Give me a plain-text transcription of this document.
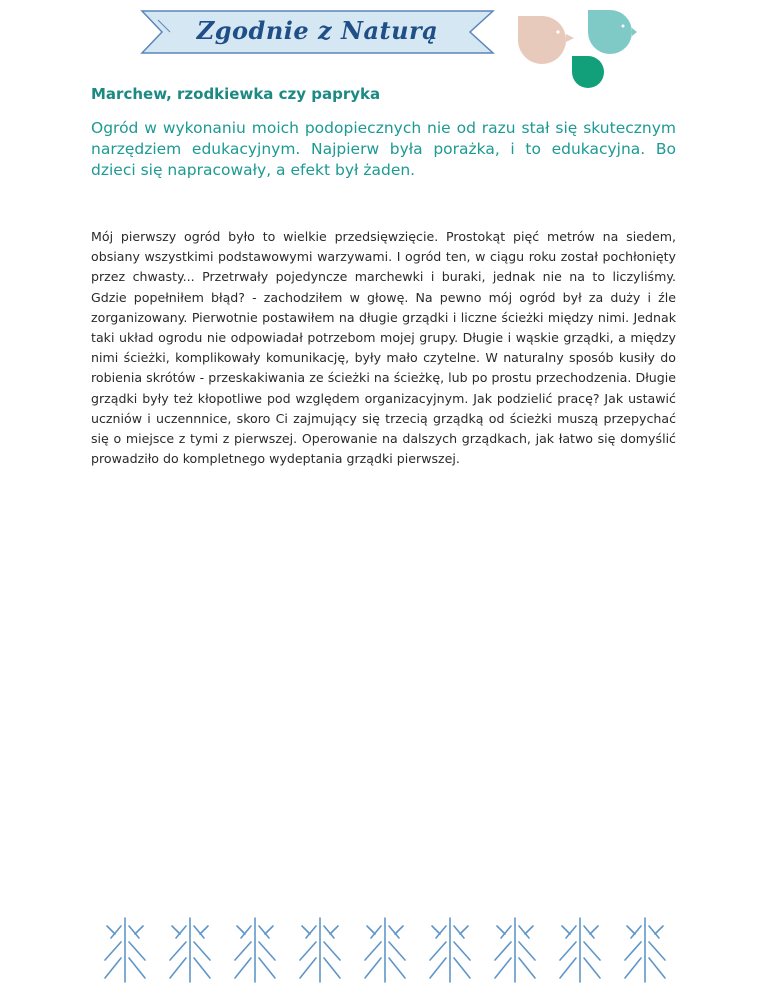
Zgodnie z Naturą
Marchew, rzodkiewka czy papryka

Ogród w wykonaniu moich podopiecznych nie od razu stał się skutecznym narzędziem edukacyjnym. Najpierw była porażka, i to edukacyjna. Bo dzieci się napracowały, a efekt był żaden.

Mój pierwszy ogród było to wielkie przedsięwzięcie. Prostokąt pięć metrów na siedem, obsiany wszystkimi podstawowymi warzywami. I ogród ten, w ciągu roku został pochłonięty przez chwasty... Przetrwały pojedyncze marchewki i buraki, jednak nie na to liczyliśmy. Gdzie popełniłem błąd? - zachodziłem w głowę. Na pewno mój ogród był za duży i źle zorganizowany. Pierwotnie postawiłem na długie grządki i liczne ścieżki między nimi. Jednak taki układ ogrodu nie odpowiadał potrzebom mojej grupy. Długie i wąskie grządki, a między nimi ścieżki, komplikowały komunikację, były mało czytelne. W naturalny sposób kusiły do robienia skrótów - przeskakiwania ze ścieżki na ścieżkę, lub po prostu przechodzenia. Długie grządki były też kłopotliwe pod względem organizacyjnym. Jak podzielić pracę? Jak ustawić uczniów i uczennnice, skoro Ci zajmujący się trzecią grządką od ścieżki muszą przepychać się o miejsce z tymi z pierwszej. Operowanie na dalszych grządkach, jak łatwo się domyślić prowadziło do kompletnego wydeptania grządki pierwszej.
